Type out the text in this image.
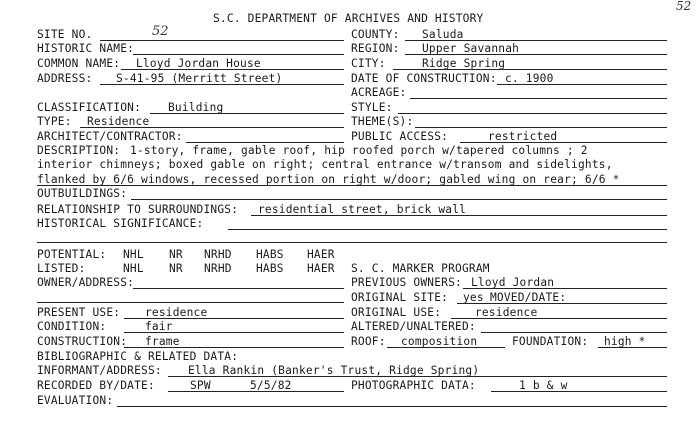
52
S.C. DEPARTMENT OF ARCHIVES AND HISTORY
SITE NO.	52	COUNTY: Saluda
HISTORIC NAME:	REGION: Upper Savannah
COMMON NAME: Lloyd Jordan House	CITY:	Ridge Spring
ADDRESS: S-41-95 (Merritt Street)	DATE OF CONSTRUCTION: c. 1900
ACREAGE:
CLASSIFICATION: Building	STYLE:
TYPE: Residence	THEME(S):
ARCHITECT/CONTRACTOR:	PUBLIC ACCESS:	restricted
DESCRIPTION: 1-story, frame, gable roof, hip roofed porch w/tapered columns ; 2
interior chimneys; boxed gable on right; central entrance w/transom and sidelights,
flanked by 6/6 windows, recessed portion on right w/door; gabled wing on rear; 6/6 *
OUTBUILDINGS:
RELATIONSHIP TO SURROUNDINGS: residential street, brick wall
HISTORICAL SIGNIFICANCE:
POTENTIAL: NHL NR NRHD HABS HAER
LISTED:	NHL NR NRHD HABS HAER S. C. MARKER PROGRAM
OWNER/ADDRESS:	PREVIOUS OWNERS: Lloyd Jordan
ORIGINAL SITE: yes MOVED/DATE:
PRESENT USE: residence	ORIGINAL USE:	residence
CONDITION:	fair	ALTERED/UNALTERED:
CONSTRUCTION: frame	ROOF: composition	FOUNDATION: high *
BIBLIOGRAPHIC & RELATED DATA:
INFORMANT/ADDRESS: Ella Rankin (Banker's Trust, Ridge Spring)
RECORDED BY/DATE:	SPW	5/5/82	PHOTOGRAPHIC DATA:	1 b & w
EVALUATION:
